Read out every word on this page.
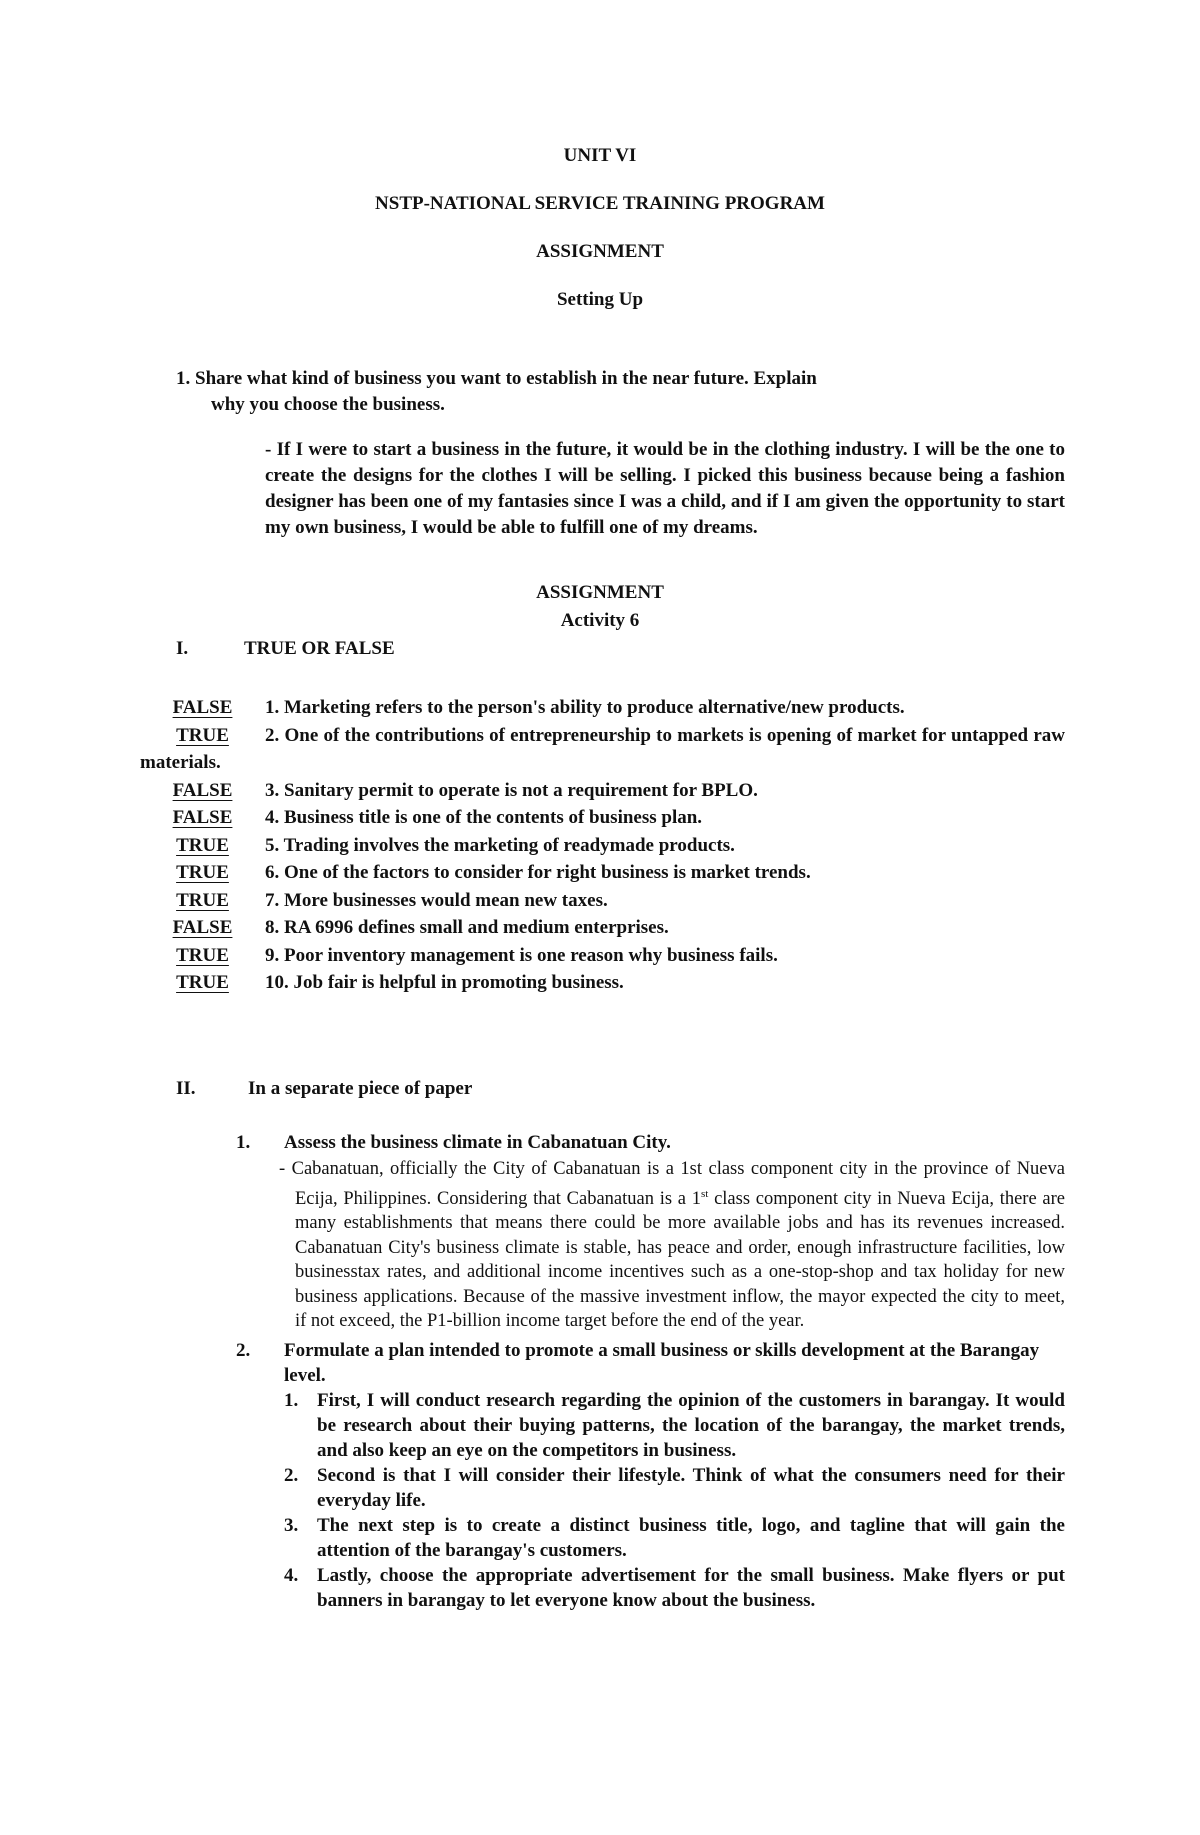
UNIT VI
NSTP-NATIONAL SERVICE TRAINING PROGRAM
ASSIGNMENT
Setting Up
1. Share what kind of business you want to establish in the near future. Explain
why you choose the business.
- If I were to start a business in the future, it would be in the clothing industry. I will be the one to create the designs for the clothes I will be selling. I picked this business because being a fashion designer has been one of my fantasies since I was a child, and if I am given the opportunity to start my own business, I would be able to fulfill one of my dreams.
ASSIGNMENT
Activity 6
I.	TRUE OR FALSE
FALSE 1. Marketing refers to the person's ability to produce alternative/new products.
TRUE 2. One of the contributions of entrepreneurship to markets is opening of market for untapped raw materials.
FALSE 3. Sanitary permit to operate is not a requirement for BPLO.
FALSE 4. Business title is one of the contents of business plan.
TRUE 5. Trading involves the marketing of readymade products.
TRUE 6. One of the factors to consider for right business is market trends.
TRUE 7. More businesses would mean new taxes.
FALSE 8. RA 6996 defines small and medium enterprises.
TRUE 9. Poor inventory management is one reason why business fails.
TRUE 10. Job fair is helpful in promoting business.
II.	In a separate piece of paper
1.	Assess the business climate in Cabanatuan City.
- Cabanatuan, officially the City of Cabanatuan is a 1st class component city in the province of Nueva Ecija, Philippines. Considering that Cabanatuan is a 1st class component city in Nueva Ecija, there are many establishments that means there could be more available jobs and has its revenues increased. Cabanatuan City's business climate is stable, has peace and order, enough infrastructure facilities, low businesstax rates, and additional income incentives such as a one-stop-shop and tax holiday for new business applications. Because of the massive investment inflow, the mayor expected the city to meet, if not exceed, the P1-billion income target before the end of the year.
2.	Formulate a plan intended to promote a small business or skills development at the Barangay level.
1. First, I will conduct research regarding the opinion of the customers in barangay. It would be research about their buying patterns, the location of the barangay, the market trends, and also keep an eye on the competitors in business.
2. Second is that I will consider their lifestyle. Think of what the consumers need for their everyday life.
3. The next step is to create a distinct business title, logo, and tagline that will gain the attention of the barangay's customers.
4. Lastly, choose the appropriate advertisement for the small business. Make flyers or put banners in barangay to let everyone know about the business.
